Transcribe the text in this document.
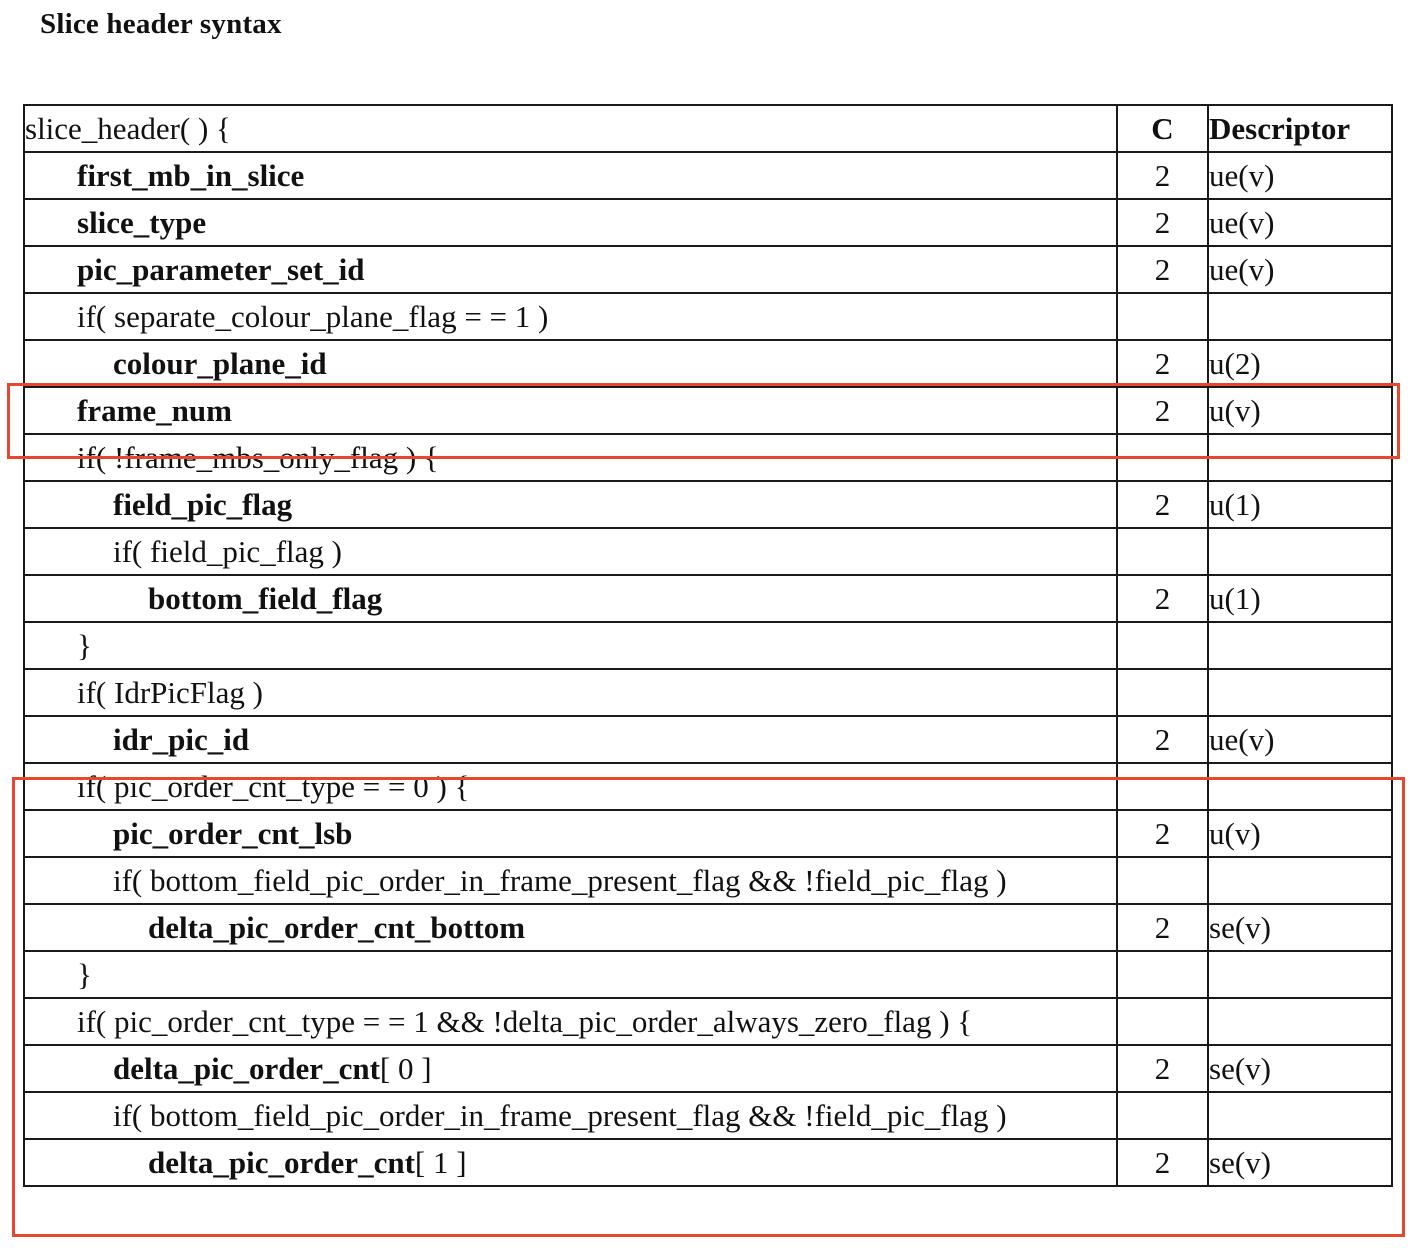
Slice header syntax
slice_header( ) {	C	Descriptor
first_mb_in_slice	2	ue(v)
slice_type	2	ue(v)
pic_parameter_set_id	2	ue(v)
if( separate_colour_plane_flag = = 1 )		
colour_plane_id	2	u(2)
frame_num	2	u(v)
if( !frame_mbs_only_flag ) {		
field_pic_flag	2	u(1)
if( field_pic_flag )		
bottom_field_flag	2	u(1)
}		
if( IdrPicFlag )		
idr_pic_id	2	ue(v)
if( pic_order_cnt_type = = 0 ) {		
pic_order_cnt_lsb	2	u(v)
if( bottom_field_pic_order_in_frame_present_flag && !field_pic_flag )		
delta_pic_order_cnt_bottom	2	se(v)
}		
if( pic_order_cnt_type = = 1 && !delta_pic_order_always_zero_flag ) {		
delta_pic_order_cnt[ 0 ]	2	se(v)
if( bottom_field_pic_order_in_frame_present_flag && !field_pic_flag )		
delta_pic_order_cnt[ 1 ]	2	se(v)
